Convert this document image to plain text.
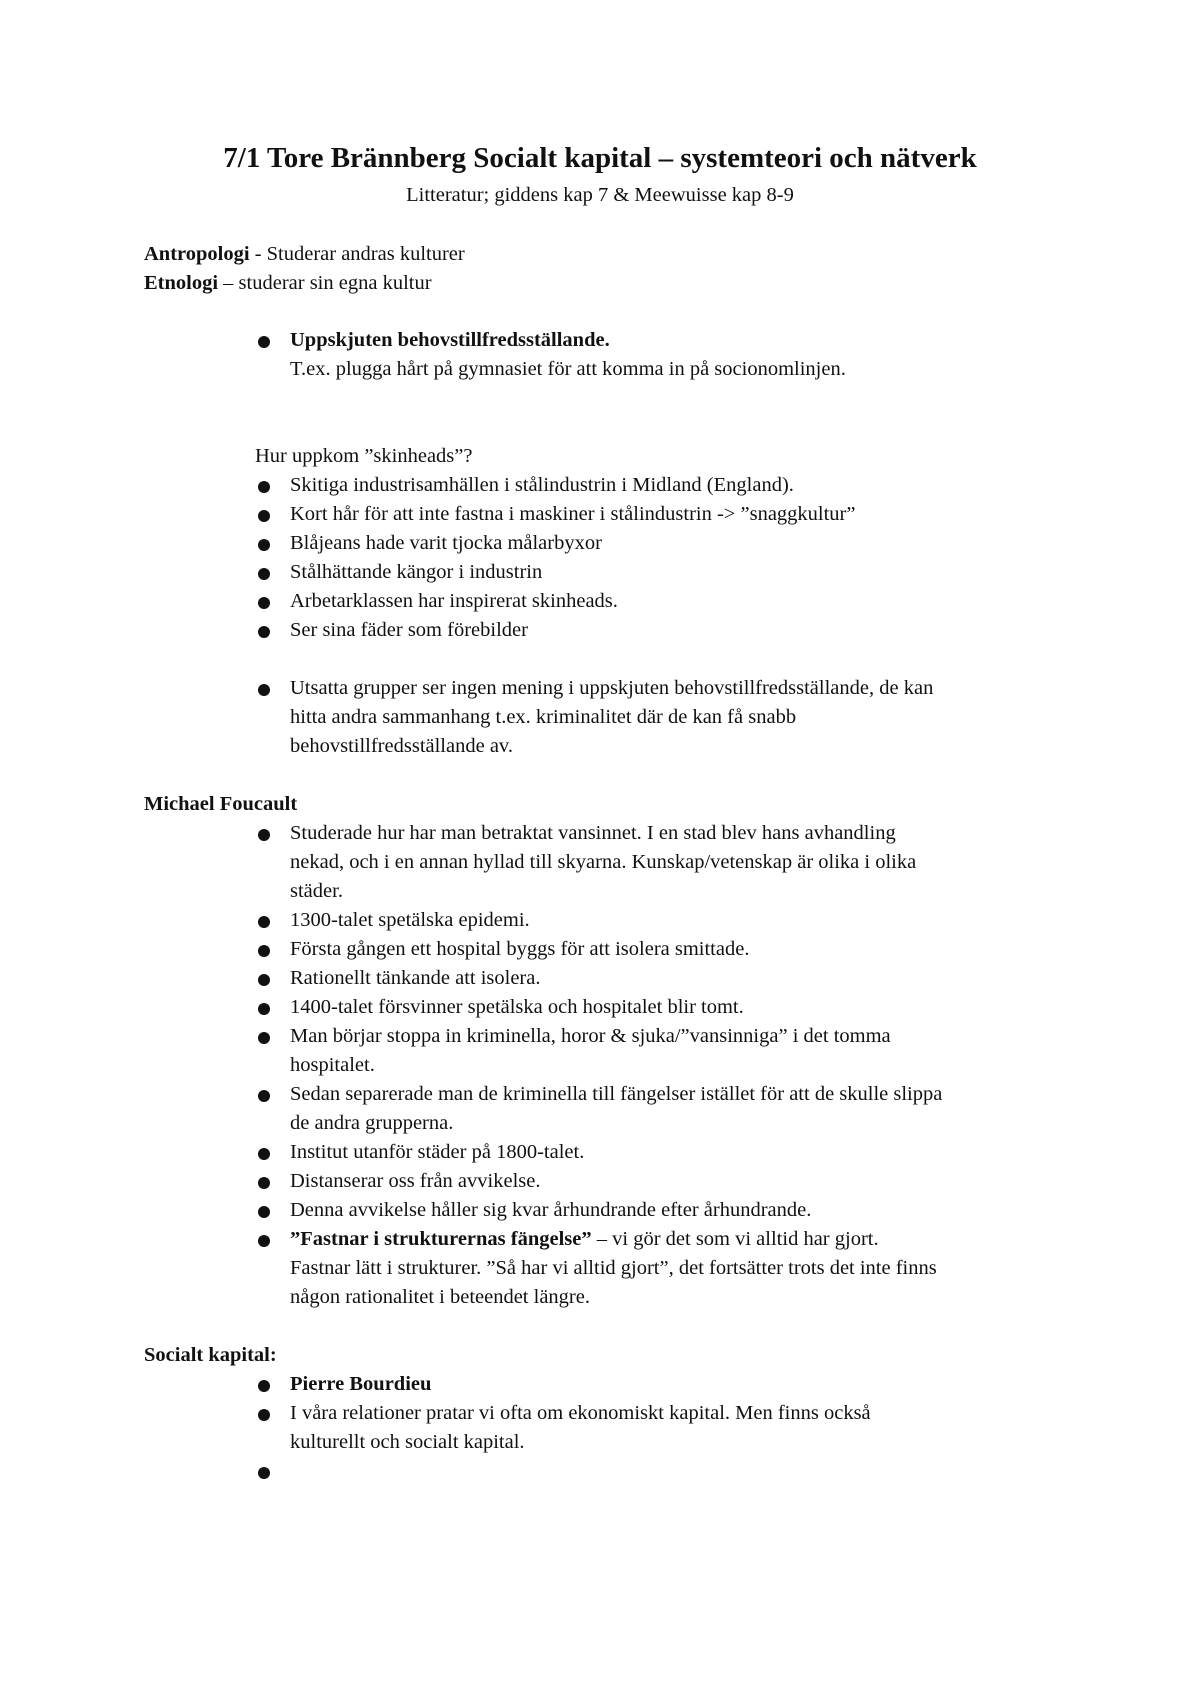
7/1 Tore Brännberg Socialt kapital – systemteori och nätverk
Litteratur; giddens kap 7 & Meewuisse kap 8-9
Antropologi - Studerar andras kulturer
Etnologi – studerar sin egna kultur
Uppskjuten behovstillfredsställande.
T.ex. plugga hårt på gymnasiet för att komma in på socionomlinjen.
Hur uppkom ”skinheads”?
Skitiga industrisamhällen i stålindustrin i Midland (England).
Kort hår för att inte fastna i maskiner i stålindustrin -> ”snaggkultur”
Blåjeans hade varit tjocka målarbyxor
Stålhättande kängor i industrin
Arbetarklassen har inspirerat skinheads.
Ser sina fäder som förebilder
Utsatta grupper ser ingen mening i uppskjuten behovstillfredsställande, de kan
hitta andra sammanhang t.ex. kriminalitet där de kan få snabb
behovstillfredsställande av.
Michael Foucault
Studerade hur har man betraktat vansinnet. I en stad blev hans avhandling
nekad, och i en annan hyllad till skyarna. Kunskap/vetenskap är olika i olika
städer.
1300-talet spetälska epidemi.
Första gången ett hospital byggs för att isolera smittade.
Rationellt tänkande att isolera.
1400-talet försvinner spetälska och hospitalet blir tomt.
Man börjar stoppa in kriminella, horor & sjuka/”vansinniga” i det tomma
hospitalet.
Sedan separerade man de kriminella till fängelser istället för att de skulle slippa
de andra grupperna.
Institut utanför städer på 1800-talet.
Distanserar oss från avvikelse.
Denna avvikelse håller sig kvar århundrande efter århundrande.
”Fastnar i strukturernas fängelse” – vi gör det som vi alltid har gjort.
Fastnar lätt i strukturer. ”Så har vi alltid gjort”, det fortsätter trots det inte finns
någon rationalitet i beteendet längre.
Socialt kapital:
Pierre Bourdieu
I våra relationer pratar vi ofta om ekonomiskt kapital. Men finns också
kulturellt och socialt kapital.
